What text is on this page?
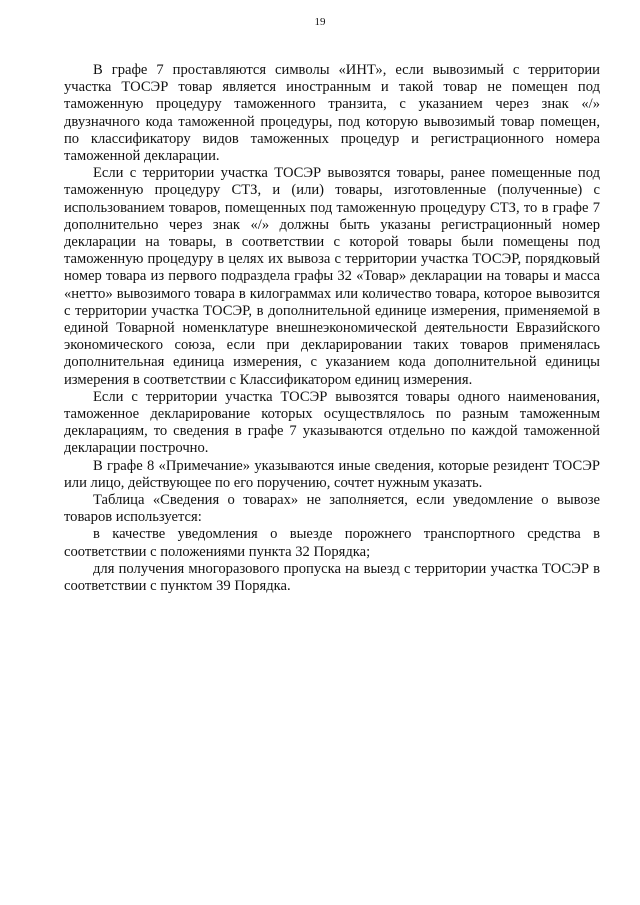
19

В графе 7 проставляются символы «ИНТ», если вывозимый с территории участка ТОСЭР товар является иностранным и такой товар не помещен под таможенную процедуру таможенного транзита, с указанием через знак «/» двузначного кода таможенной процедуры, под которую вывозимый товар помещен, по классификатору видов таможенных процедур и регистрационного номера таможенной декларации.

Если с территории участка ТОСЭР вывозятся товары, ранее помещенные под таможенную процедуру СТЗ, и (или) товары, изготовленные (полученные) с использованием товаров, помещенных под таможенную процедуру СТЗ, то в графе 7 дополнительно через знак «/» должны быть указаны регистрационный номер декларации на товары, в соответствии с которой товары были помещены под таможенную процедуру в целях их вывоза с территории участка ТОСЭР, порядковый номер товара из первого подраздела графы 32 «Товар» декларации на товары и масса «нетто» вывозимого товара в килограммах или количество товара, которое вывозится с территории участка ТОСЭР, в дополнительной единице измерения, применяемой в единой Товарной номенклатуре внешнеэкономической деятельности Евразийского экономического союза, если при декларировании таких товаров применялась дополнительная единица измерения, с указанием кода дополнительной единицы измерения в соответствии с Классификатором единиц измерения.

Если с территории участка ТОСЭР вывозятся товары одного наименования, таможенное декларирование которых осуществлялось по разным таможенным декларациям, то сведения в графе 7 указываются отдельно по каждой таможенной декларации построчно.

В графе 8 «Примечание» указываются иные сведения, которые резидент ТОСЭР или лицо, действующее по его поручению, сочтет нужным указать.

Таблица «Сведения о товарах» не заполняется, если уведомление о вывозе товаров используется:

в качестве уведомления о выезде порожнего транспортного средства в соответствии с положениями пункта 32 Порядка;

для получения многоразового пропуска на выезд с территории участка ТОСЭР в соответствии с пунктом 39 Порядка.
